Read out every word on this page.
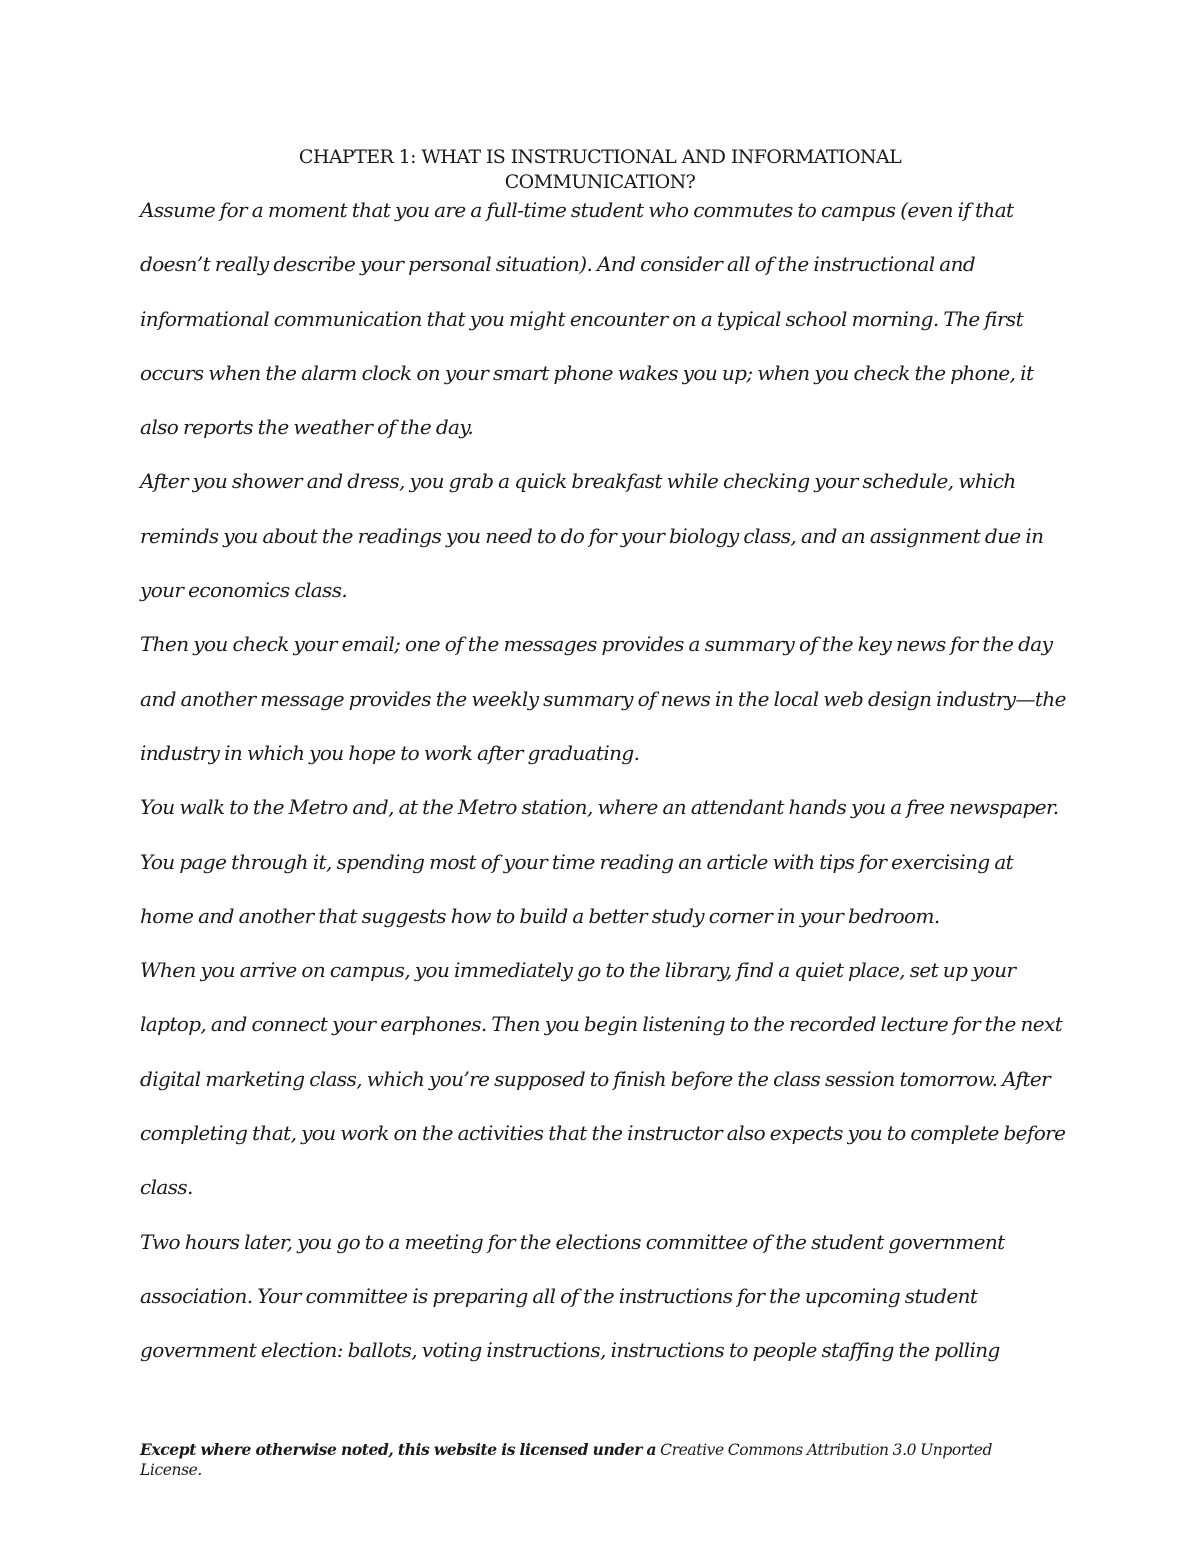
CHAPTER 1: WHAT IS INSTRUCTIONAL AND INFORMATIONAL
COMMUNICATION?
Assume for a moment that you are a full-time student who commutes to campus (even if that
doesn’t really describe your personal situation). And consider all of the instructional and
informational communication that you might encounter on a typical school morning. The first
occurs when the alarm clock on your smart phone wakes you up; when you check the phone, it
also reports the weather of the day.
After you shower and dress, you grab a quick breakfast while checking your schedule, which
reminds you about the readings you need to do for your biology class, and an assignment due in
your economics class.
Then you check your email; one of the messages provides a summary of the key news for the day
and another message provides the weekly summary of news in the local web design industry—the
industry in which you hope to work after graduating.
You walk to the Metro and, at the Metro station, where an attendant hands you a free newspaper.
You page through it, spending most of your time reading an article with tips for exercising at
home and another that suggests how to build a better study corner in your bedroom.
When you arrive on campus, you immediately go to the library, find a quiet place, set up your
laptop, and connect your earphones. Then you begin listening to the recorded lecture for the next
digital marketing class, which you’re supposed to finish before the class session tomorrow. After
completing that, you work on the activities that the instructor also expects you to complete before
class.
Two hours later, you go to a meeting for the elections committee of the student government
association. Your committee is preparing all of the instructions for the upcoming student
government election: ballots, voting instructions, instructions to people staffing the polling
Except where otherwise noted, this website is licensed under a Creative Commons Attribution 3.0 Unported License.
